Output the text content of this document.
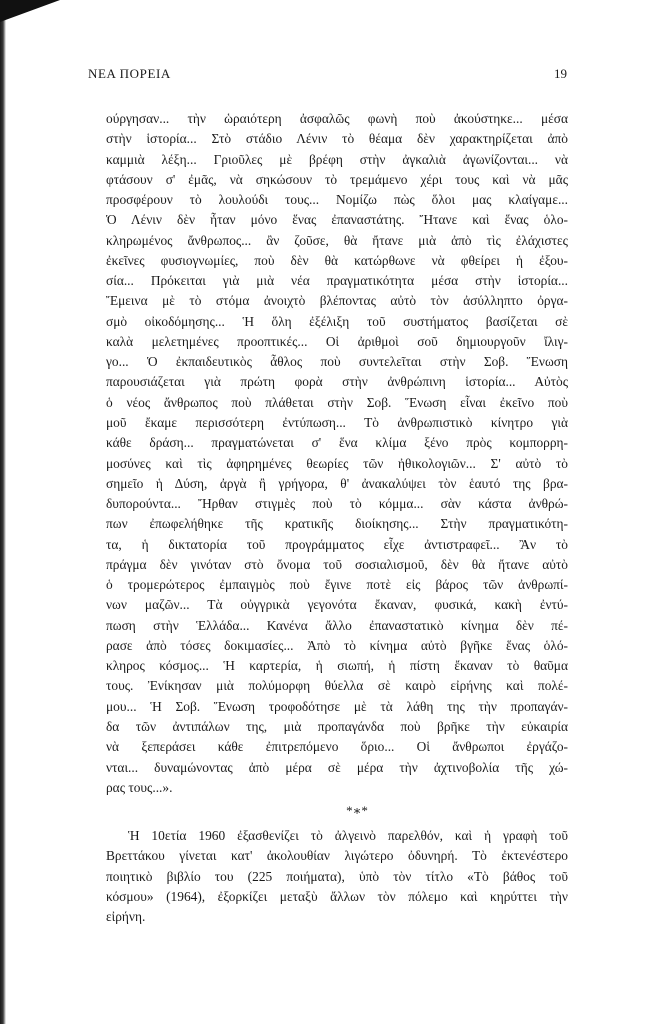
ΝΕΑ ΠΟΡΕΙΑ	19
ούργησαν... τὴν ὡραιότερη ἀσφαλῶς φωνὴ ποὺ ἀκούστηκε... μέσα
στὴν ἱστορία... Στὸ στάδιο Λένιν τὸ θέαμα δὲν χαρακτηρίζεται ἀπὸ
καμμιὰ λέξη... Γριοῦλες μὲ βρέφη στὴν ἀγκαλιὰ ἀγωνίζονται... νὰ
φτάσουν σ' ἐμᾶς, νὰ σηκώσουν τὸ τρεμάμενο χέρι τους καὶ νὰ μᾶς
προσφέρουν τὸ λουλούδι τους... Νομίζω πὼς ὅλοι μας κλαίγαμε...
Ὁ Λένιν δὲν ἦταν μόνο ἕνας ἐπαναστάτης. Ἤτανε καὶ ἕνας ὁλο-
κληρωμένος ἄνθρωπος... ἂν ζοῦσε, θὰ ἤτανε μιὰ ἀπὸ τὶς ἐλάχιστες
ἐκεῖνες φυσιογνωμίες, ποὺ δὲν θὰ κατώρθωνε νὰ φθείρει ἡ ἐξου-
σία... Πρόκειται γιὰ μιὰ νέα πραγματικότητα μέσα στὴν ἱστορία...
Ἔμεινα μὲ τὸ στόμα ἀνοιχτὸ βλέποντας αὐτὸ τὸν ἀσύλληπτο ὀργα-
σμὸ οἰκοδόμησης... Ἡ ὅλη ἐξέλιξη τοῦ συστήματος βασίζεται σὲ
καλὰ μελετημένες προοπτικές... Οἱ ἀριθμοὶ σοῦ δημιουργοῦν ἴλιγ-
γο... Ὁ ἐκπαιδευτικὸς ἆθλος ποὺ συντελεῖται στὴν Σοβ. Ἕνωση
παρουσιάζεται γιὰ πρώτη φορὰ στὴν ἀνθρώπινη ἱστορία... Αὐτὸς
ὁ νέος ἄνθρωπος ποὺ πλάθεται στὴν Σοβ. Ἕνωση εἶναι ἐκεῖνο ποὺ
μοῦ ἔκαμε περισσότερη ἐντύπωση... Τὸ ἀνθρωπιστικὸ κίνητρο γιὰ
κάθε δράση... πραγματώνεται σ' ἕνα κλίμα ξένο πρὸς κομπορρη-
μοσύνες καὶ τὶς ἀφηρημένες θεωρίες τῶν ἠθικολογιῶν... Σ' αὐτὸ τὸ
σημεῖο ἡ Δύση, ἀργὰ ἢ γρήγορα, θ' ἀνακαλύψει τὸν ἑαυτό της βρα-
δυπορούντα... Ἤρθαν στιγμὲς ποὺ τὸ κόμμα... σὰν κάστα ἀνθρώ-
πων ἐπωφελήθηκε τῆς κρατικῆς διοίκησης... Στὴν πραγματικότη-
τα, ἡ δικτατορία τοῦ προγράμματος εἶχε ἀντιστραφεῖ... Ἂν τὸ
πράγμα δὲν γινόταν στὸ ὄνομα τοῦ σοσιαλισμοῦ, δὲν θὰ ἤτανε αὐτὸ
ὁ τρομερώτερος ἐμπαιγμὸς ποὺ ἔγινε ποτὲ εἰς βάρος τῶν ἀνθρωπί-
νων μαζῶν... Τὰ οὐγγρικὰ γεγονότα ἔκαναν, φυσικά, κακὴ ἐντύ-
πωση στὴν Ἑλλάδα... Κανένα ἄλλο ἐπαναστατικὸ κίνημα δὲν πέ-
ρασε ἀπὸ τόσες δοκιμασίες... Ἀπὸ τὸ κίνημα αὐτὸ βγῆκε ἕνας ὁλό-
κληρος κόσμος... Ἡ καρτερία, ἡ σιωπή, ἡ πίστη ἔκαναν τὸ θαῦμα
τους. Ἐνίκησαν μιὰ πολύμορφη θύελλα σὲ καιρὸ εἰρήνης καὶ πολέ-
μου... Ἡ Σοβ. Ἕνωση τροφοδότησε μὲ τὰ λάθη της τὴν προπαγάν-
δα τῶν ἀντιπάλων της, μιὰ προπαγάνδα ποὺ βρῆκε τὴν εὐκαιρία
νὰ ξεπεράσει κάθε ἐπιτρεπόμενο ὅριο... Οἱ ἄνθρωποι ἐργάζο-
νται... δυναμώνοντας ἀπὸ μέρα σὲ μέρα τὴν ἀχτινοβολία τῆς χώ-
ρας τους...».
*∗*
Ἡ 10ετία 1960 ἐξασθενίζει τὸ ἀλγεινὸ παρελθόν, καὶ ἡ γραφὴ τοῦ
Βρεττάκου γίνεται κατ' ἀκολουθίαν λιγώτερο ὀδυνηρή. Τὸ ἐκτενέστερο
ποιητικὸ βιβλίο του (225 ποιήματα), ὑπὸ τὸν τίτλο «Τὸ βάθος τοῦ
κόσμου» (1964), ἐξορκίζει μεταξὺ ἄλλων τὸν πόλεμο καὶ κηρύττει τὴν
εἰρήνη.
